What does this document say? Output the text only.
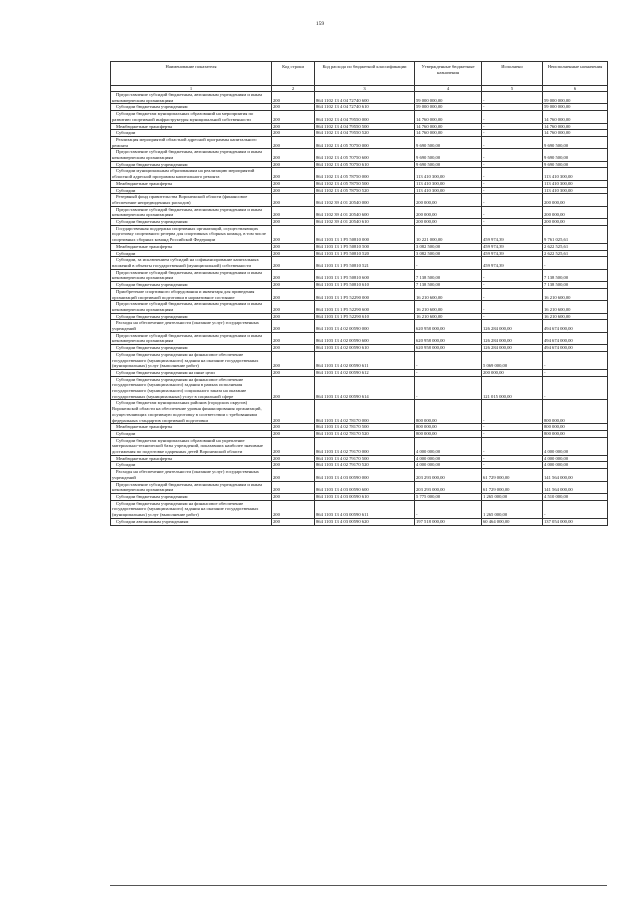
159
Наименование показателя	Код строки	Код расхода по бюджетной классификации	Утвержденные бюджетные назначения	Исполнено	Неисполненные назначения
1	2	3	4	5	6
Предоставление субсидий бюджетным, автономным учреждениям и иным некоммерческим организациям	200	864 1102 13 4 04 72740 600	59 000 000,00	-	59 000 000,00
Субсидии бюджетным учреждениям	200	864 1102 13 4 04 72740 610	59 000 000,00	-	59 000 000,00
Субсидии бюджетам муниципальных образований на мероприятия по развитию спортивной инфраструктуры муниципальной собственности	200	864 1102 13 4 04 79550 000	14 760 000,00	-	14 760 000,00
Межбюджетные трансферты	200	864 1102 13 4 04 79550 500	14 760 000,00	-	14 760 000,00
Субсидии	200	864 1102 13 4 04 79550 520	14 760 000,00	-	14 760 000,00
Реализация мероприятий областной адресной программы капитального ремонта	200	864 1102 13 4 05 70750 000	9 690 500,00	-	9 690 500,00
Предоставление субсидий бюджетным, автономным учреждениям и иным некоммерческим организациям	200	864 1102 13 4 05 70750 600	9 690 500,00	-	9 690 500,00
Субсидии бюджетным учреждениям	200	864 1102 13 4 05 70750 610	9 690 500,00	-	9 690 500,00
Субсидии муниципальным образованиям на реализацию мероприятий областной адресной программы капитального ремонта	200	864 1102 13 4 05 78750 000	113 410 300,00	-	113 410 300,00
Межбюджетные трансферты	200	864 1102 13 4 05 78750 500	113 410 300,00	-	113 410 300,00
Субсидии	200	864 1102 13 4 05 78750 520	113 410 300,00	-	113 410 300,00
Резервный фонд правительства Воронежской области (финансовое обеспечение непредвиденных расходов)	200	864 1102 39 4 01 20540 000	200 000,00	-	200 000,00
Предоставление субсидий бюджетным, автономным учреждениям и иным некоммерческим организациям	200	864 1102 39 4 01 20540 600	200 000,00	-	200 000,00
Субсидии бюджетным учреждениям	200	864 1102 39 4 01 20540 610	200 000,00	-	200 000,00
Государственная поддержка спортивных организаций, осуществляющих подготовку спортивного резерва для спортивных сборных команд, в том числе спортивных сборных команд Российской Федерации	200	864 1103 13 1 P5 50810 000	10 221 000,00	459 974,39	9 761 025,61
Межбюджетные трансферты	200	864 1103 13 1 P5 50810 500	3 082 500,00	459 974,39	2 622 525,61
Субсидии	200	864 1103 13 1 P5 50810 520	3 082 500,00	459 974,39	2 622 525,61
Субсидии, за исключением субсидий на софинансирование капитальных вложений в объекты государственной (муниципальной) собственности	200	864 1103 13 1 P5 50810 521	-	459 974,39	-
Предоставление субсидий бюджетным, автономным учреждениям и иным некоммерческим организациям	200	864 1103 13 1 P5 50810 600	7 138 500,00	-	7 138 500,00
Субсидии бюджетным учреждениям	200	864 1103 13 1 P5 50810 610	7 138 500,00	-	7 138 500,00
Приобретение спортивного оборудования и инвентаря для приведения организаций спортивной подготовки в нормативное состояние	200	864 1103 13 1 P5 52290 000	16 210 600,00	-	16 210 600,00
Предоставление субсидий бюджетным, автономным учреждениям и иным некоммерческим организациям	200	864 1103 13 1 P5 52290 600	16 210 600,00	-	16 210 600,00
Субсидии бюджетным учреждениям	200	864 1103 13 1 P5 52290 610	16 210 600,00	-	16 210 600,00
Расходы на обеспечение деятельности (оказание услуг) государственных учреждений	200	864 1103 13 4 02 00590 000	620 958 000,00	126 284 000,00	494 674 000,00
Предоставление субсидий бюджетным, автономным учреждениям и иным некоммерческим организациям	200	864 1103 13 4 02 00590 600	620 958 000,00	126 284 000,00	494 674 000,00
Субсидии бюджетным учреждениям	200	864 1103 13 4 02 00590 610	620 958 000,00	126 284 000,00	494 674 000,00
Субсидии бюджетным учреждениям на финансовое обеспечение государственного (муниципального) задания на оказание государственных (муниципальных) услуг (выполнение работ)	200	864 1103 13 4 02 00590 611	-	5 069 000,00	-
Субсидии бюджетным учреждениям на иные цели	200	864 1103 13 4 02 00590 612	-	200 000,00	-
Субсидии бюджетным учреждениям на финансовое обеспечение государственного (муниципального) задания в рамках исполнения государственного (муниципального) социального заказа на оказание государственных (муниципальных) услуг в социальной сфере	200	864 1103 13 4 02 00590 614	-	121 015 000,00	-
Субсидии бюджетам муниципальных районов (городских округов) Воронежской области на обеспечение уровня финансирования организаций, осуществляющих спортивную подготовку в соответствии с требованиями федеральных стандартов спортивной подготовки	200	864 1103 13 4 02 78170 000	800 000,00	-	800 000,00
Межбюджетные трансферты	200	864 1103 13 4 02 78170 500	800 000,00	-	800 000,00
Субсидии	200	864 1103 13 4 02 78170 520	800 000,00	-	800 000,00
Субсидии бюджетам муниципальных образований на укрепление материально-технической базы учреждений, показавших наиболее значимые достижения по подготовке одаренных детей Воронежской области	200	864 1103 13 4 02 79170 000	4 000 000,00	-	4 000 000,00
Межбюджетные трансферты	200	864 1103 13 4 02 79170 500	4 000 000,00	-	4 000 000,00
Субсидии	200	864 1103 13 4 02 79170 520	4 000 000,00	-	4 000 000,00
Расходы на обеспечение деятельности (оказание услуг) государственных учреждений	200	864 1103 13 4 03 00590 000	203 293 000,00	61 729 000,00	141 564 000,00
Предоставление субсидий бюджетным, автономным учреждениям и иным некоммерческим организациям	200	864 1103 13 4 03 00590 600	203 293 000,00	61 729 000,00	141 564 000,00
Субсидии бюджетным учреждениям	200	864 1103 13 4 03 00590 610	5 775 000,00	1 265 000,00	4 510 000,00
Субсидии бюджетным учреждениям на финансовое обеспечение государственного (муниципального) задания на оказание государственных (муниципальных) услуг (выполнение работ)	200	864 1103 13 4 03 00590 611	-	1 265 000,00	-
Субсидии автономным учреждениям	200	864 1103 13 4 03 00590 620	197 518 000,00	60 464 000,00	137 054 000,00
